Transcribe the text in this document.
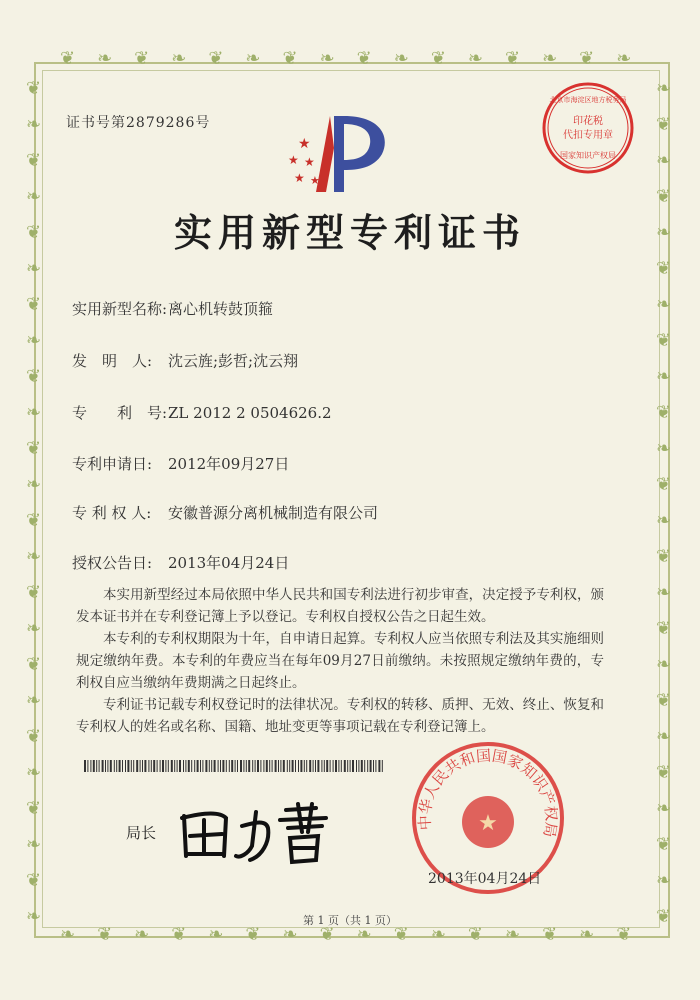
❦

❧

❦

❧

❦

❧

❦

❧

❦

❧

❦

❧

❦

❧

❦

❧

❦

❧

❦

❧

❦

❧

❦

❧
❧

❦

❧

❦

❧

❦

❧

❦

❧

❦

❧

❦

❧

❦

❧

❦

❧

❦

❧

❦

❧

❦

❧

❦
❦❧❦❧❦❧❦❧❦❧❦❧❦❧❦❧
❧❦❧❦❧❦❧❦❧❦❧❦❧❦❧❦
证书号第2879286号	印花税
代扣专用章
北京市海淀区地方税务局
国家知识产权局
★
★ ★
★ ★
实用新型专利证书
实用新型名称:离心机转鼓顶箍
发　明　人: 沈云旌;彭哲;沈云翔
专　　利　号:ZL 2012 2 0504626.2
专利申请日: 2012年09月27日
专 利 权 人: 安徽普源分离机械制造有限公司
授权公告日: 2013年04月24日
本实用新型经过本局依照中华人民共和国专利法进行初步审查，决定授予专利权，颁发本证书并在专利登记簿上予以登记。专利权自授权公告之日起生效。
本专利的专利权期限为十年，自申请日起算。专利权人应当依照专利法及其实施细则规定缴纳年费。本专利的年费应当在每年09月27日前缴纳。未按照规定缴纳年费的，专利权自应当缴纳年费期满之日起终止。
专利证书记载专利权登记时的法律状况。专利权的转移、质押、无效、终止、恢复和专利权人的姓名或名称、国籍、地址变更等事项记载在专利登记簿上。
局长
中华人民共和国国家知识产权局
★
2013年04月24日
第 1 页（共 1 页）
